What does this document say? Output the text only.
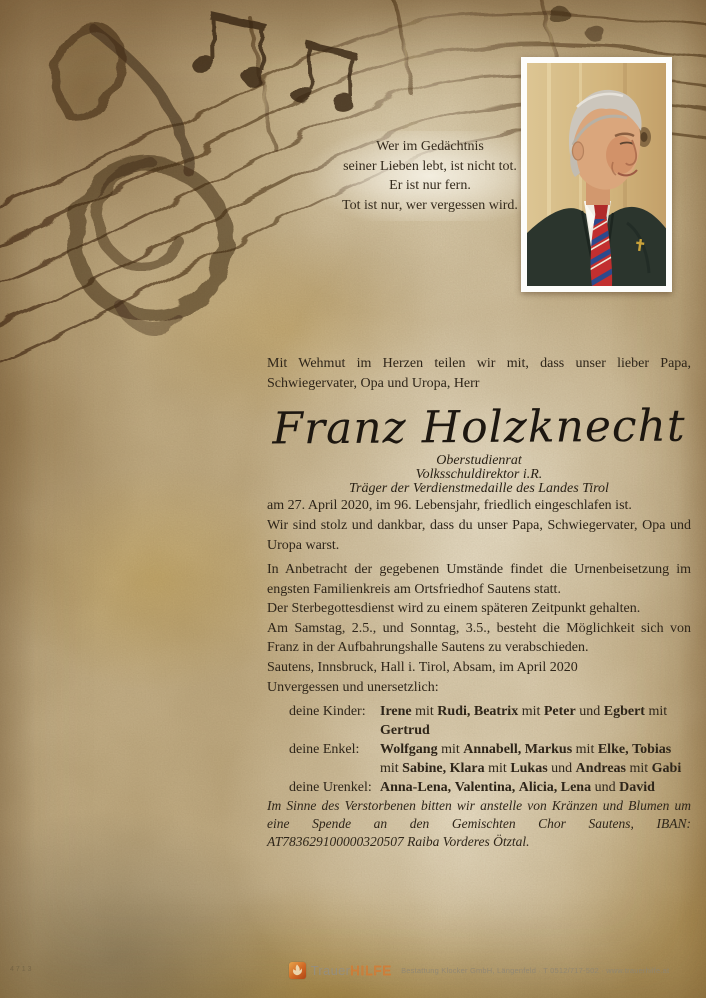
Wer im Gedächtnis
seiner Lieben lebt, ist nicht tot.
Er ist nur fern.
Tot ist nur, wer vergessen wird.

Mit Wehmut im Herzen teilen wir mit, dass unser lieber Papa, Schwiegervater, Opa und Uropa, Herr

Franz Holzknecht
Oberstudienrat
Volksschuldirektor i.R.
Träger der Verdienstmedaille des Landes Tirol

am 27. April 2020, im 96. Lebensjahr, friedlich eingeschlafen ist.

Wir sind stolz und dankbar, dass du unser Papa, Schwiegervater, Opa und Uropa warst.

In Anbetracht der gegebenen Umstände findet die Urnenbeisetzung im engsten Familienkreis am Ortsfriedhof Sautens statt.
Der Sterbegottesdienst wird zu einem späteren Zeitpunkt gehalten.
Am Samstag, 2.5., und Sonntag, 3.5., besteht die Möglichkeit sich von Franz in der Aufbahrungshalle Sautens zu verabschieden.

Sautens, Innsbruck, Hall i. Tirol, Absam, im April 2020

Unvergessen und unersetzlich:

deine Kinder:	Irene mit Rudi, Beatrix mit Peter und Egbert mit Gertrud
deine Enkel:	Wolfgang mit Annabell, Markus mit Elke, Tobias mit Sabine, Klara mit Lukas und Andreas mit Gabi
deine Urenkel: Anna-Lena, Valentina, Alicia, Lena und David

Im Sinne des Verstorbenen bitten wir anstelle von Kränzen und Blumen um eine Spende an den Gemischten Chor Sautens, IBAN: AT783629100000320507 Raiba Vorderes Ötztal.

TrauerHILFE Bestattung Klocker GmbH, Längenfeld · T 0512/717-502 · www.trauerhilfe.at
4713
